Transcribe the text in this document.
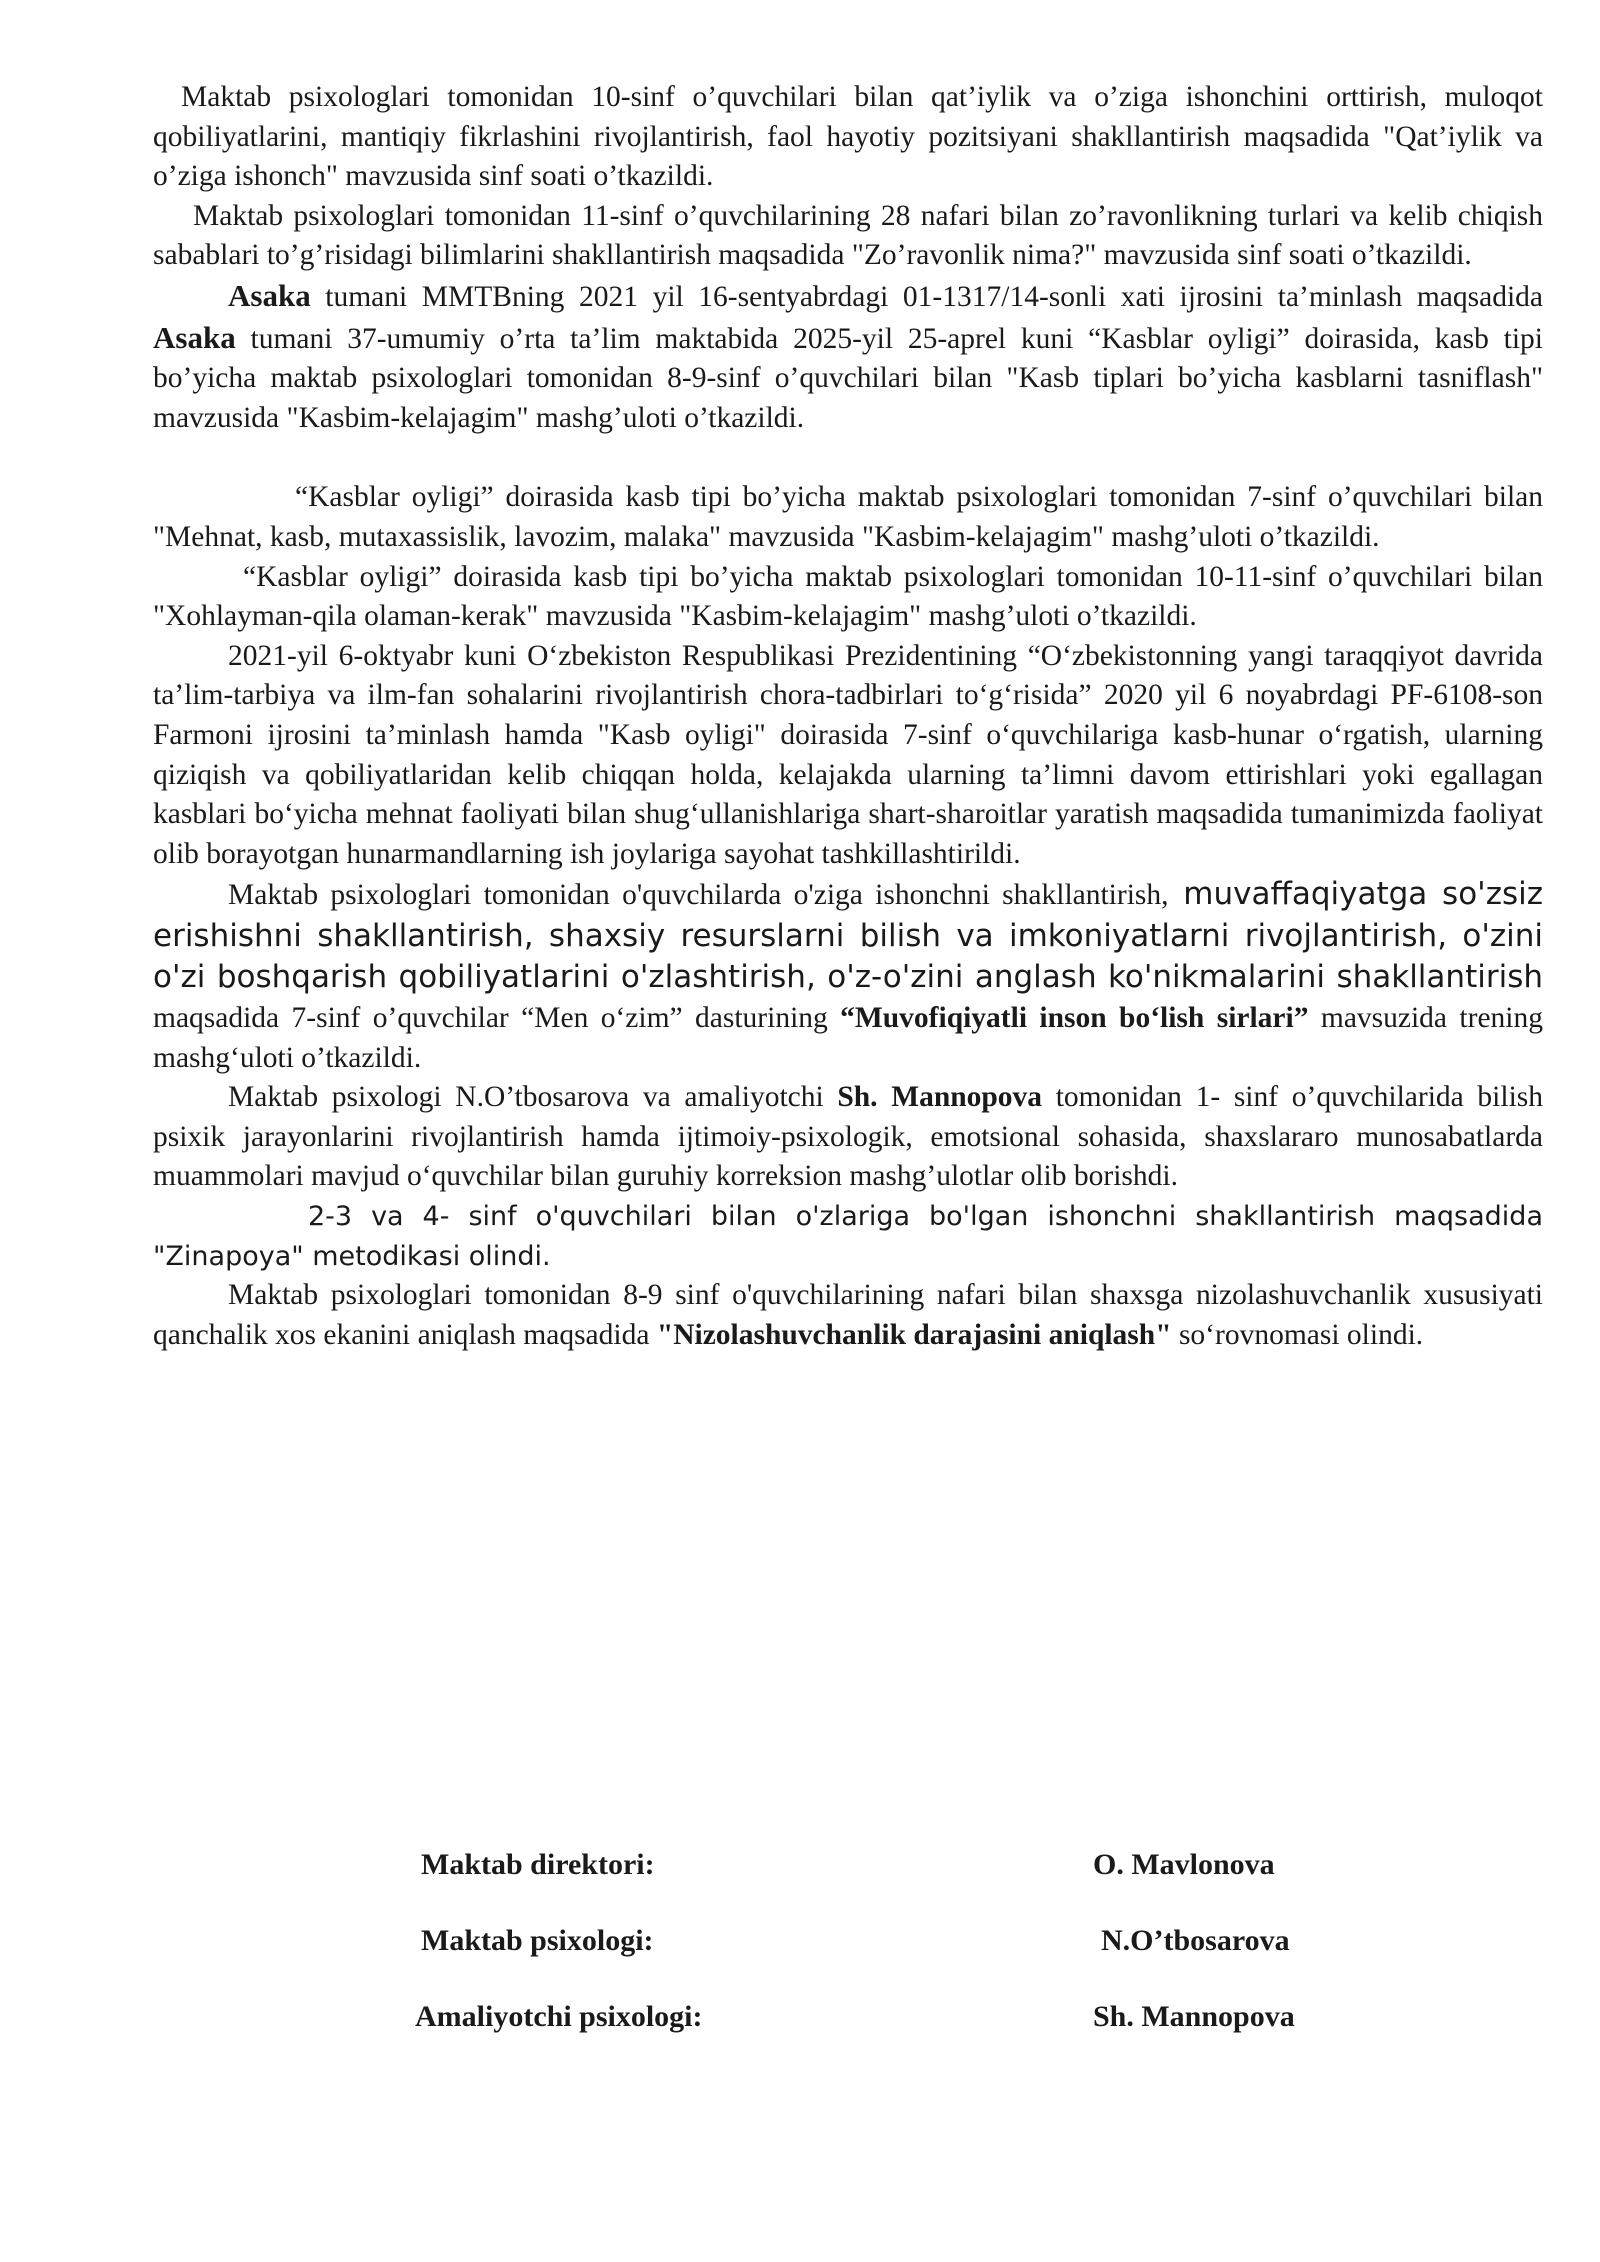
Maktab psixologlari tomonidan 10-sinf o’quvchilari bilan qat’iylik va o’ziga ishonchini orttirish, muloqot qobiliyatlarini, mantiqiy fikrlashini rivojlantirish, faol hayotiy pozitsiyani shakllantirish maqsadida "Qat’iylik va o’ziga ishonch" mavzusida sinf soati o’tkazildi.

Maktab psixologlari tomonidan 11-sinf o’quvchilarining 28 nafari bilan zo’ravonlikning turlari va kelib chiqish sabablari to’g’risidagi bilimlarini shakllantirish maqsadida "Zo’ravonlik nima?" mavzusida sinf soati o’tkazildi.

Asaka tumani MMTBning 2021 yil 16-sentyabrdagi 01-1317/14-sonli xati ijrosini ta’minlash maqsadida Asaka tumani 37-umumiy o’rta ta’lim maktabida 2025-yil 25-aprel kuni “Kasblar oyligi” doirasida, kasb tipi bo’yicha maktab psixologlari tomonidan 8-9-sinf o’quvchilari bilan "Kasb tiplari bo’yicha kasblarni tasniflash" mavzusida "Kasbim-kelajagim" mashg’uloti o’tkazildi.

“Kasblar oyligi” doirasida kasb tipi bo’yicha maktab psixologlari tomonidan 7-sinf o’quvchilari bilan "Mehnat, kasb, mutaxassislik, lavozim, malaka" mavzusida "Kasbim-kelajagim" mashg’uloti o’tkazildi.

“Kasblar oyligi” doirasida kasb tipi bo’yicha maktab psixologlari tomonidan 10-11-sinf o’quvchilari bilan "Xohlayman-qila olaman-kerak" mavzusida "Kasbim-kelajagim" mashg’uloti o’tkazildi.

2021-yil 6-oktyabr kuni O‘zbekiston Respublikasi Prezidentining “O‘zbekistonning yangi taraqqiyot davrida ta’lim-tarbiya va ilm-fan sohalarini rivojlantirish chora-tadbirlari to‘g‘risida” 2020 yil 6 noyabrdagi PF-6108-son Farmoni ijrosini ta’minlash hamda "Kasb oyligi" doirasida 7-sinf o‘quvchilariga kasb-hunar o‘rgatish, ularning qiziqish va qobiliyatlaridan kelib chiqqan holda, kelajakda ularning ta’limni davom ettirishlari yoki egallagan kasblari bo‘yicha mehnat faoliyati bilan shug‘ullanishlariga shart-sharoitlar yaratish maqsadida tumanimizda faoliyat olib borayotgan hunarmandlarning ish joylariga sayohat tashkillashtirildi.

Maktab psixologlari tomonidan o'quvchilarda o'ziga ishonchni shakllantirish, muvaffaqiyatga so'zsiz erishishni shakllantirish, shaxsiy resurslarni bilish va imkoniyatlarni rivojlantirish, o'zini o'zi boshqarish qobiliyatlarini o'zlashtirish, o'z-o'zini anglash ko'nikmalarini shakllantirish maqsadida 7-sinf o’quvchilar “Men o‘zim” dasturining “Muvofiqiyatli inson bo‘lish sirlari” mavsuzida trening mashg‘uloti o’tkazildi.

Maktab psixologi N.O’tbosarova va amaliyotchi Sh. Mannopova tomonidan 1- sinf o’quvchilarida bilish psixik jarayonlarini rivojlantirish hamda ijtimoiy-psixologik, emotsional sohasida, shaxslararo munosabatlarda muammolari mavjud o‘quvchilar bilan guruhiy korreksion mashg’ulotlar olib borishdi.

2-3 va 4- sinf o'quvchilari bilan o'zlariga bo'lgan ishonchni shakllantirish maqsadida "Zinapoya" metodikasi olindi.

Maktab psixologlari tomonidan 8-9 sinf o'quvchilarining nafari bilan shaxsga nizolashuvchanlik xususiyati qanchalik xos ekanini aniqlash maqsadida "Nizolashuvchanlik darajasini aniqlash" so‘rovnomasi olindi.

Maktab direktori:	O. Mavlonova
Maktab psixologi:	N.O’tbosarova
Amaliyotchi psixologi:	Sh. Mannopova
